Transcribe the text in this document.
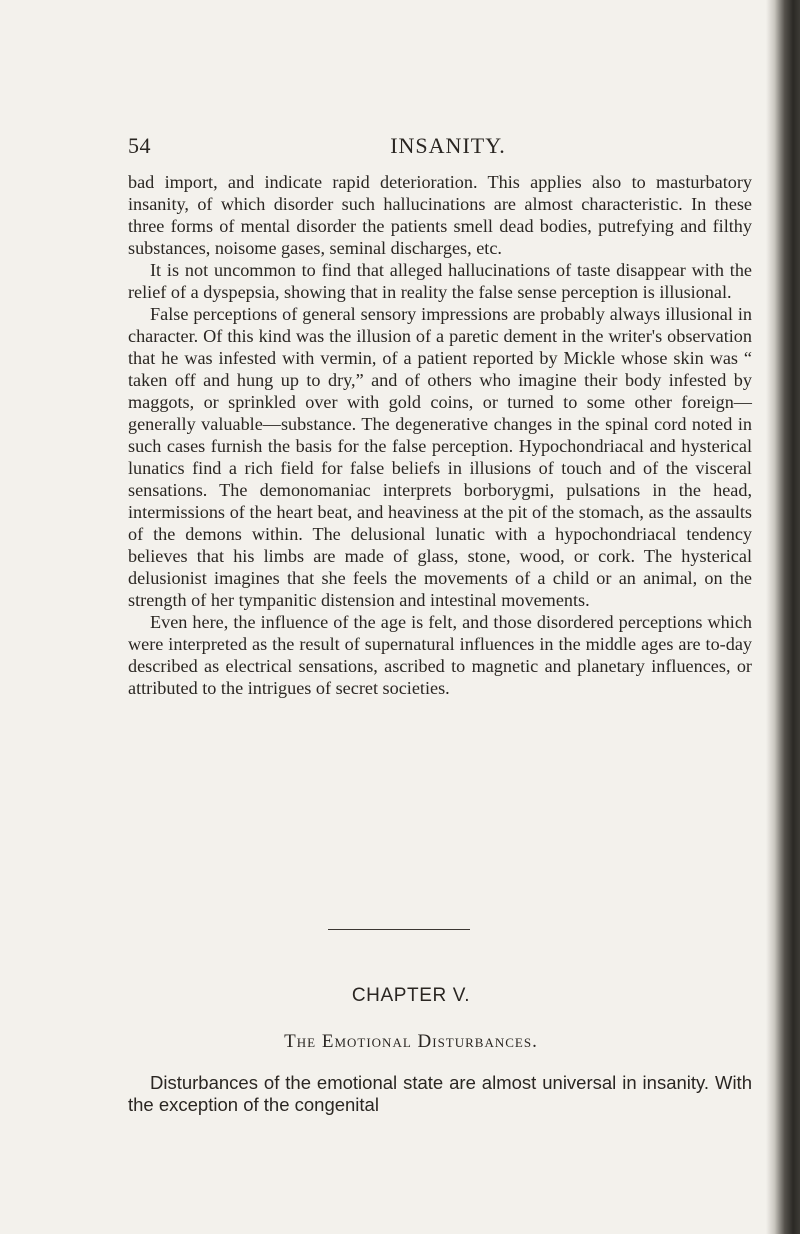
54	INSANITY.

bad import, and indicate rapid deterioration. This applies also to masturbatory insanity, of which disorder such hallucinations are almost characteristic. In these three forms of mental disorder the patients smell dead bodies, putrefying and filthy substances, noisome gases, seminal discharges, etc.

It is not uncommon to find that alleged hallucinations of taste disappear with the relief of a dyspepsia, showing that in reality the false sense perception is illusional.

False perceptions of general sensory impressions are probably always illusional in character. Of this kind was the illusion of a paretic dement in the writer's observation that he was infested with vermin, of a patient reported by Mickle whose skin was “ taken off and hung up to dry,” and of others who imagine their body infested by maggots, or sprinkled over with gold coins, or turned to some other foreign—generally valuable—substance. The degenerative changes in the spinal cord noted in such cases furnish the basis for the false perception. Hypochondriacal and hysterical lunatics find a rich field for false beliefs in illusions of touch and of the visceral sensations. The demonomaniac interprets borborygmi, pulsations in the head, intermissions of the heart beat, and heaviness at the pit of the stomach, as the assaults of the demons within. The delusional lunatic with a hypochondriacal tendency believes that his limbs are made of glass, stone, wood, or cork. The hysterical delusionist imagines that she feels the movements of a child or an animal, on the strength of her tympanitic distension and intestinal movements.

Even here, the influence of the age is felt, and those disordered perceptions which were interpreted as the result of supernatural influences in the middle ages are to-day described as electrical sensations, ascribed to magnetic and planetary influences, or attributed to the intrigues of secret societies.

CHAPTER V.
The Emotional Disturbances.

Disturbances of the emotional state are almost universal in insanity. With the exception of the congenital
